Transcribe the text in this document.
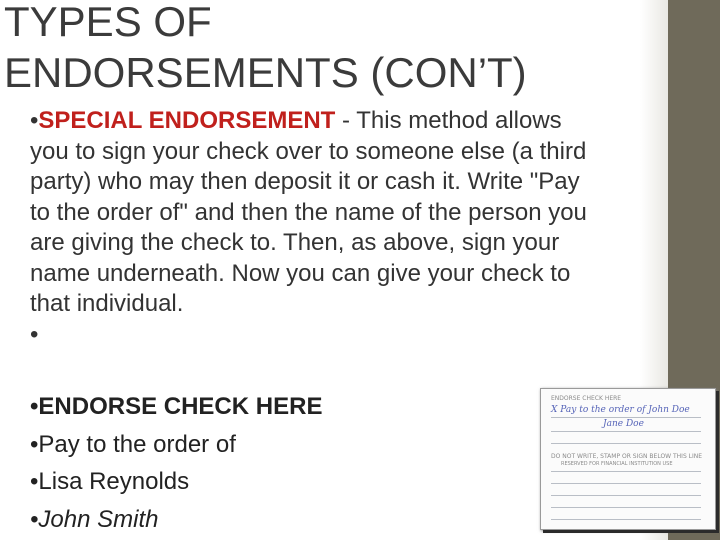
TYPES OF
ENDORSEMENTS (CON’T)

•SPECIAL ENDORSEMENT - This method allows you to sign your check over to someone else (a third party) who may then deposit it or cash it. Write "Pay to the order of" and then the name of the person you are giving the check to. Then, as above, sign your name underneath. Now you can give your check to that individual.

•

•ENDORSE CHECK HERE

•Pay to the order of

•Lisa Reynolds

•John Smith

ENDORSE CHECK HERE
X Pay to the order of John Doe
Jane Doe
DO NOT WRITE, STAMP OR SIGN BELOW THIS LINE
RESERVED FOR FINANCIAL INSTITUTION USE
